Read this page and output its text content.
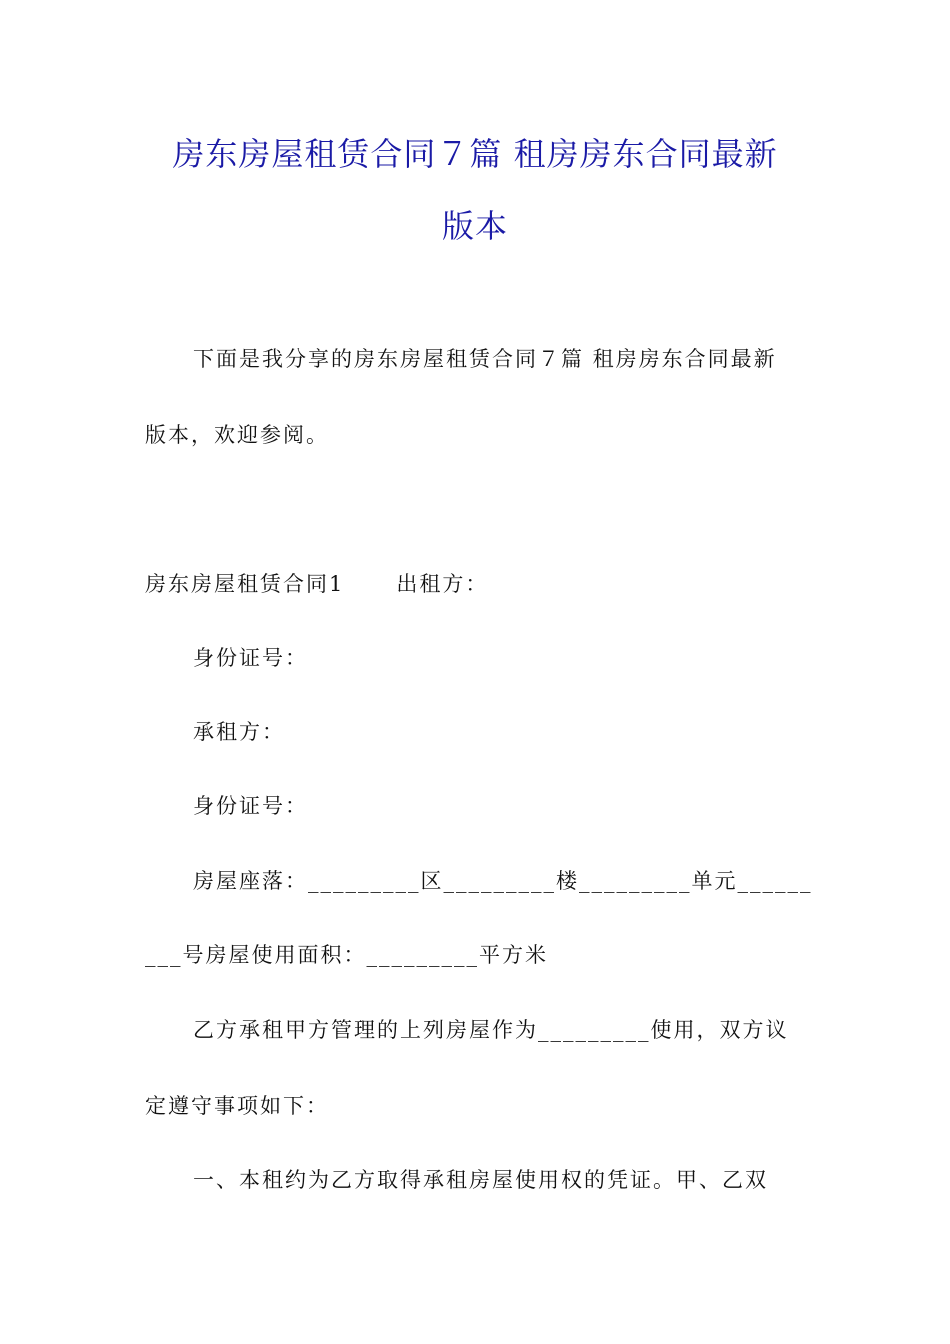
房东房屋租赁合同７篇 租房房东合同最新
版本
下面是我分享的房东房屋租赁合同７篇 租房房东合同最新
版本，欢迎参阅。
房东房屋租赁合同1 出租方：
身份证号：
承租方：
身份证号：
房屋座落：_________区_________楼_________单元______
___号房屋使用面积：_________平方米
乙方承租甲方管理的上列房屋作为_________使用，双方议
定遵守事项如下：
一、本租约为乙方取得承租房屋使用权的凭证。甲、乙双
